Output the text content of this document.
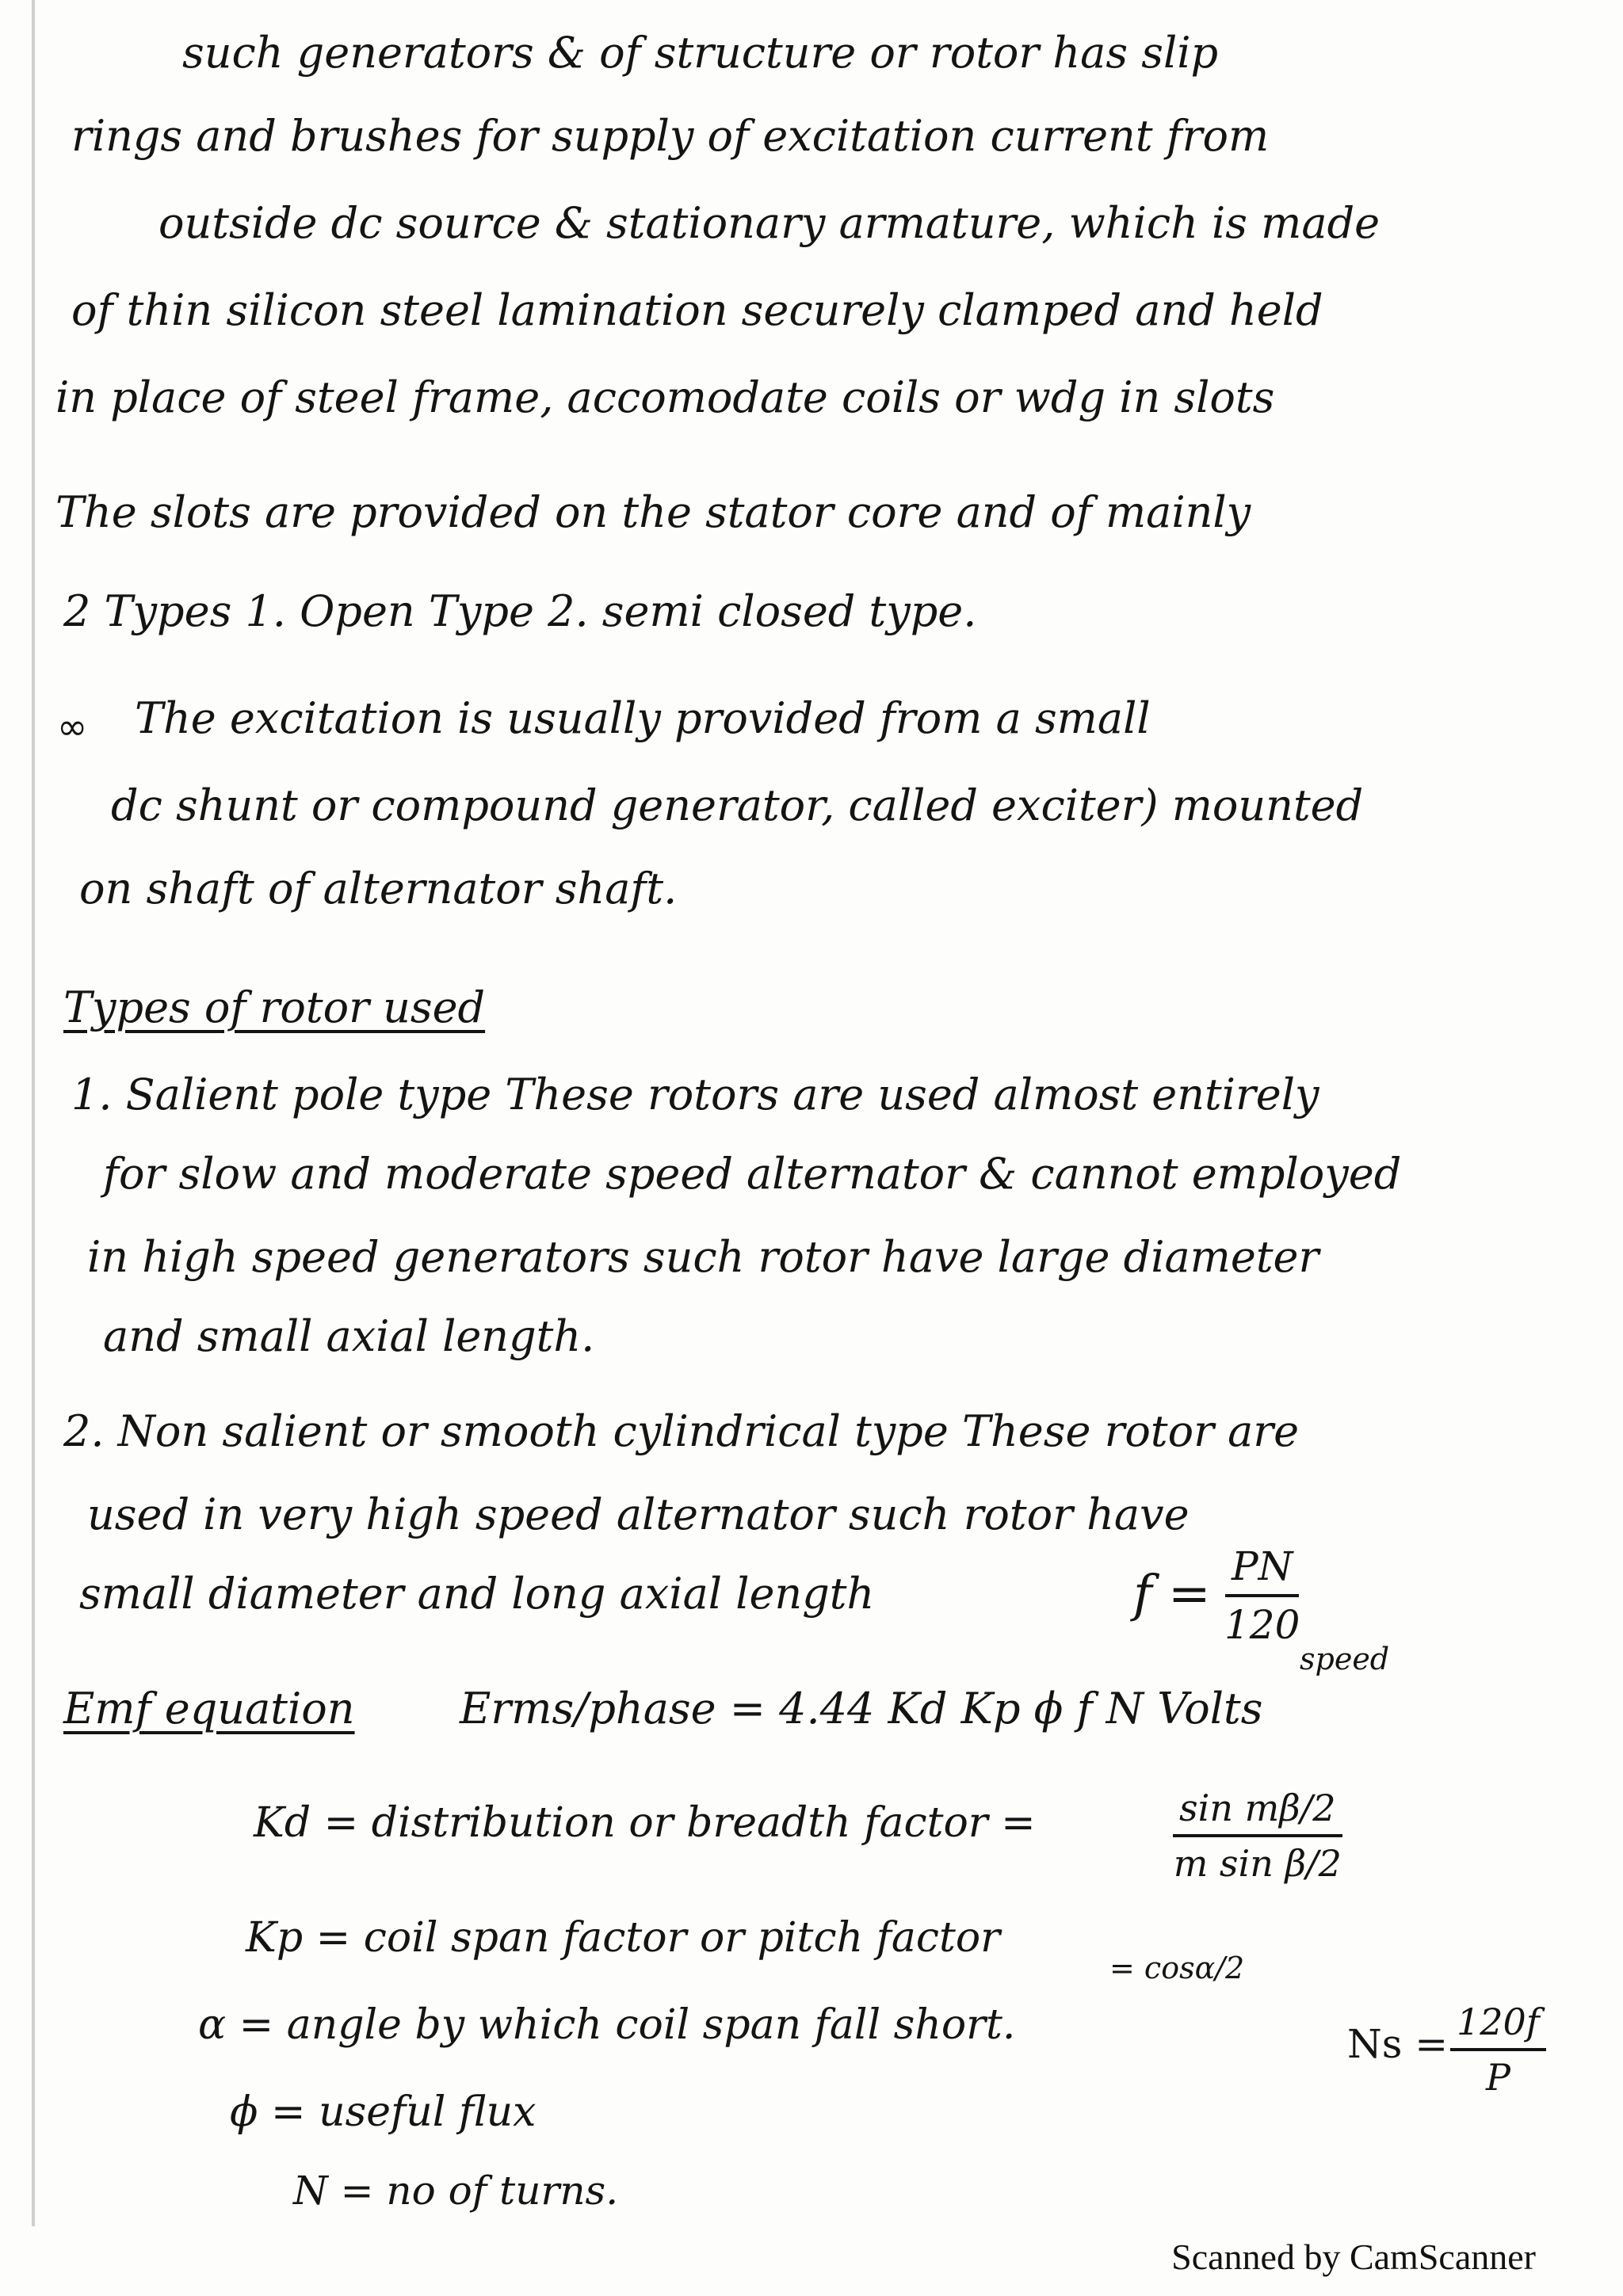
such generators & of structure or rotor has slip
rings and brushes for supply of excitation current from
outside dc source & stationary armature, which is made
of thin silicon steel lamination securely clamped and held
in place of steel frame, accomodate coils or wdg in slots
The slots are provided on the stator core and of mainly
2 Types 1. Open Type 2. semi closed type.
∞ The excitation is usually provided from a small
dc shunt or compound generator, called exciter) mounted
on shaft of alternator shaft.
Types of rotor used
1. Salient pole type These rotors are used almost entirely
for slow and moderate speed alternator & cannot employed
in high speed generators such rotor have large diameter
and small axial length.
2. Non salient or smooth cylindrical type These rotor are
used in very high speed alternator such rotor have
small diameter and long axial length	$f = \frac{PN}{120}$
speed
Emf equation Erms/phase = 4.44 Kd Kp ϕ f N Volts
Kd = distribution or breadth factor =	$\frac{\text{sin mβ/2}}{\text{m sin β/2}}$
Kp = coil span factor or pitch factor
= cosα/2
α = angle by which coil span fall short.	$Ns = \frac{120f}{P}$
ϕ = useful flux
N = no of turns.
Scanned by CamScanner
